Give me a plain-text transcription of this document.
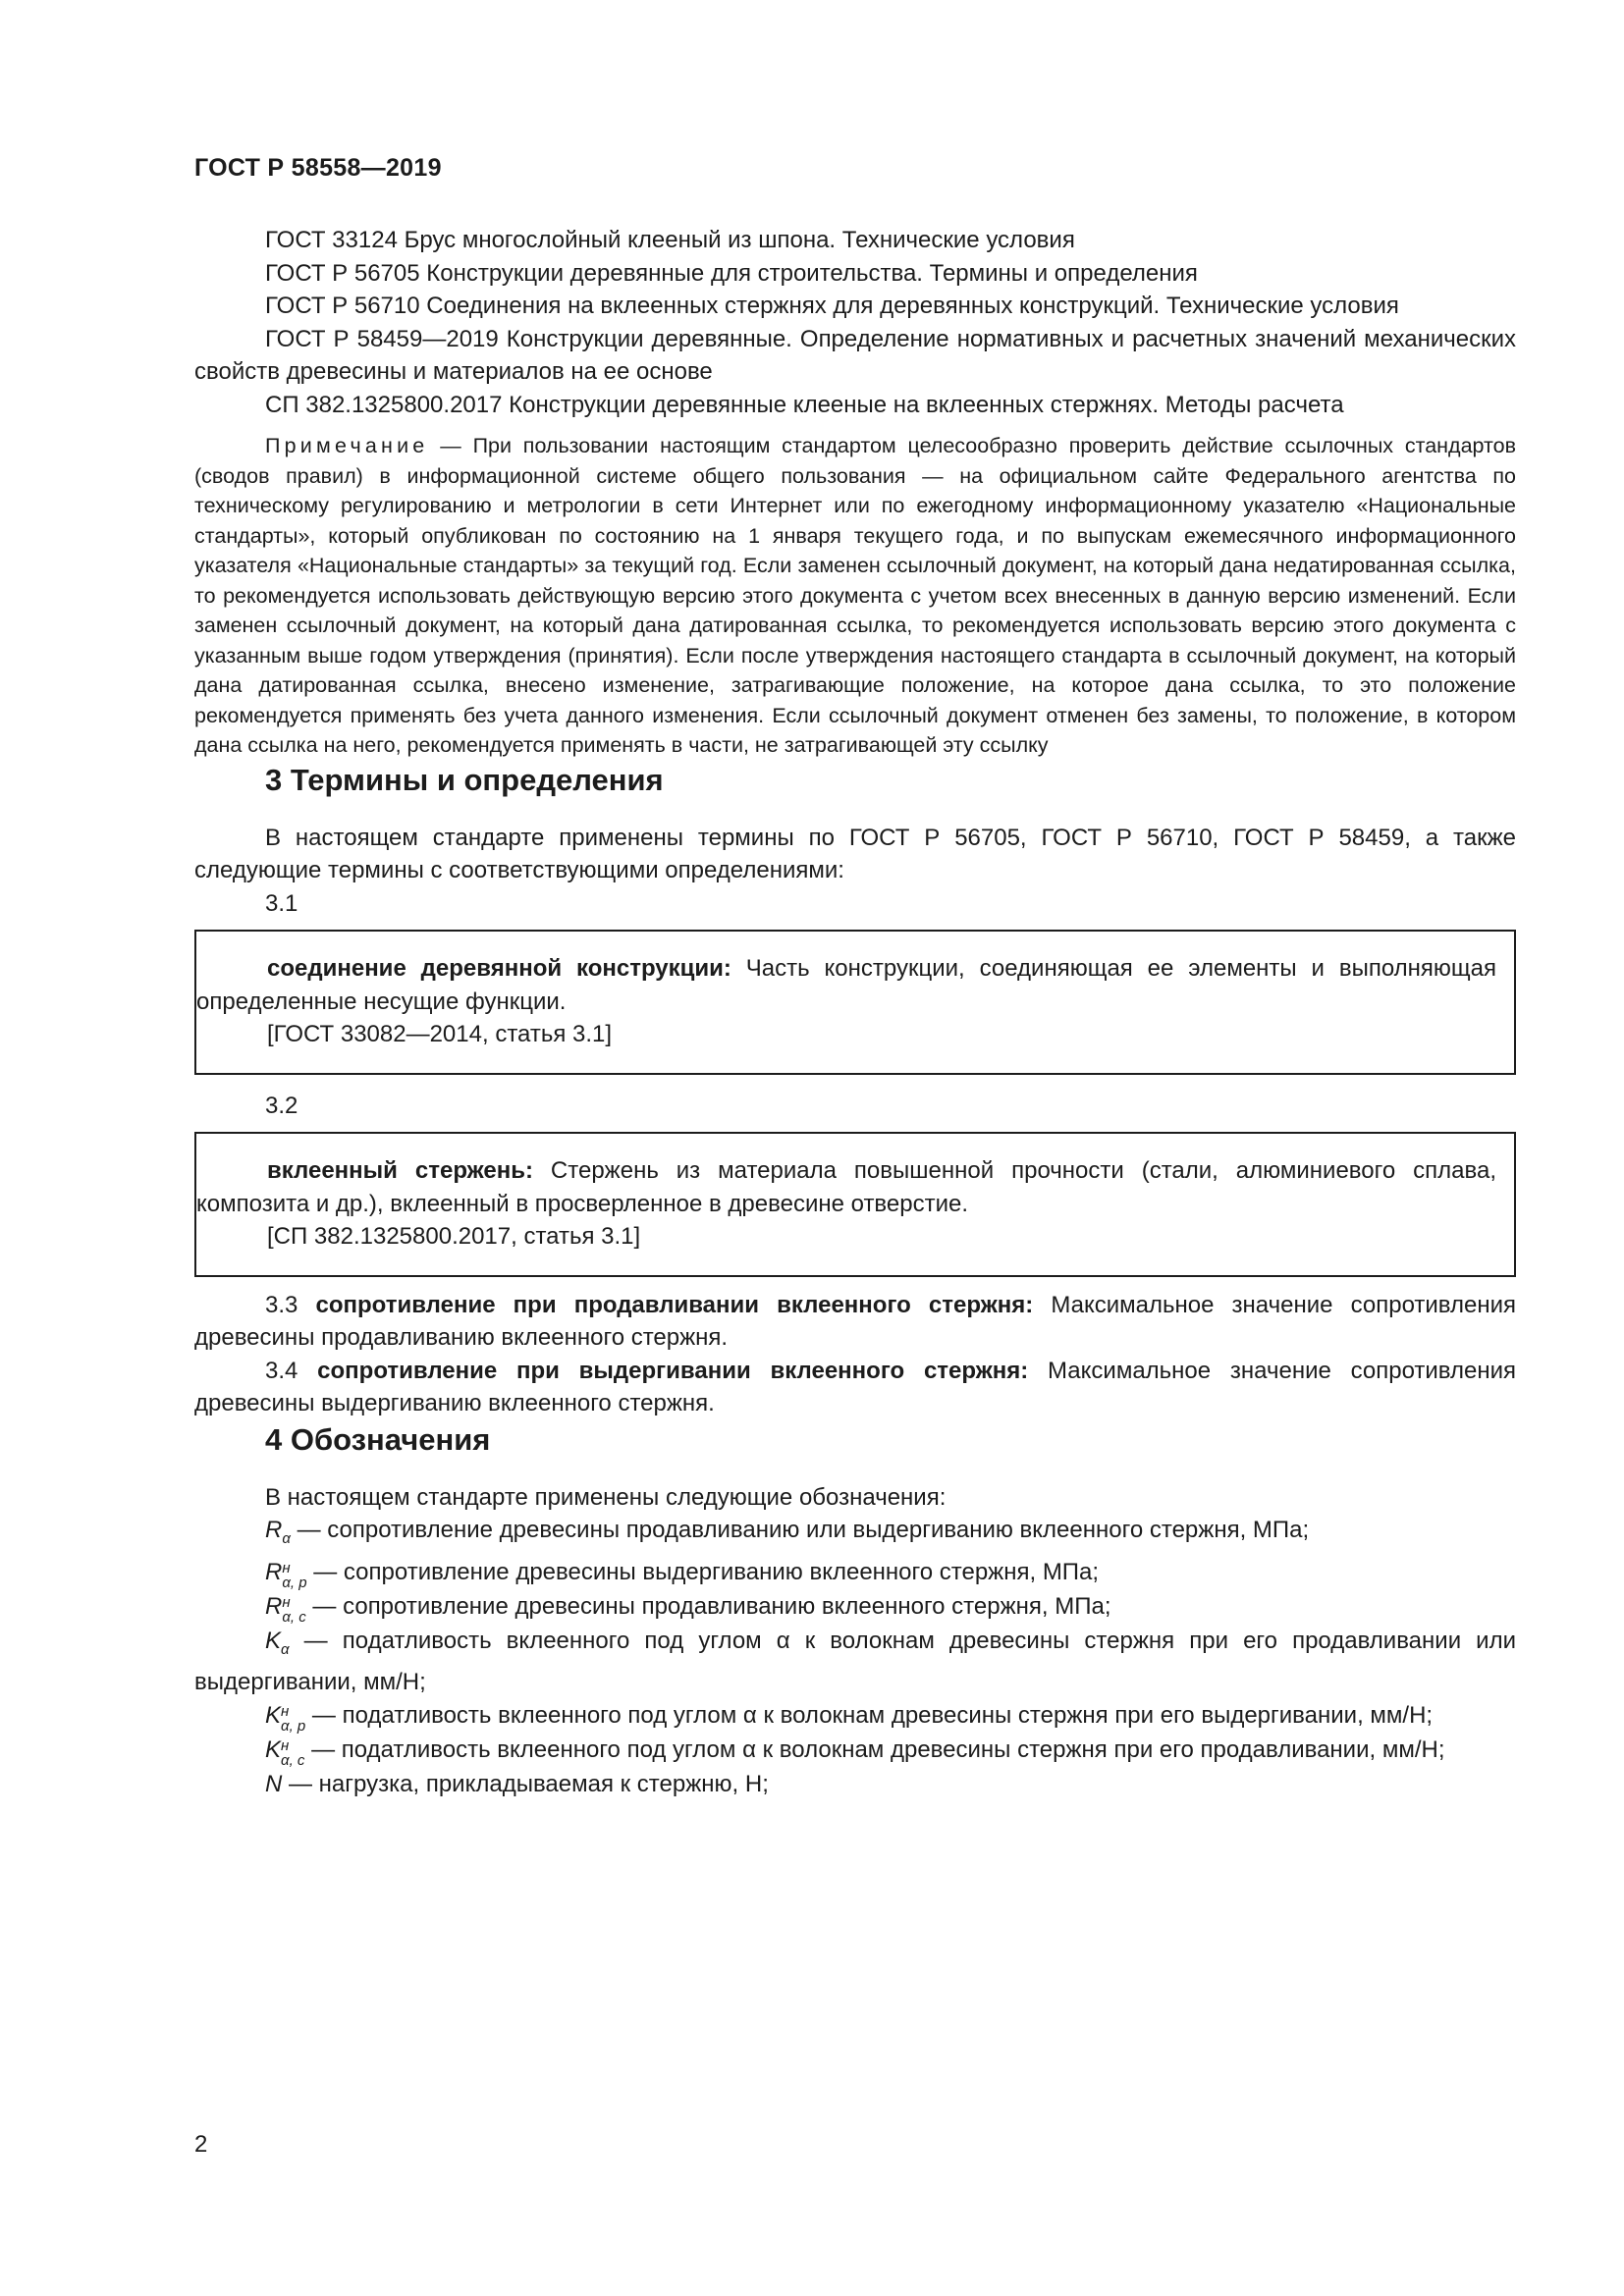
ГОСТ Р 58558—2019

ГОСТ 33124 Брус многослойный клееный из шпона. Технические условия

ГОСТ Р 56705 Конструкции деревянные для строительства. Термины и определения

ГОСТ Р 56710 Соединения на вклеенных стержнях для деревянных конструкций. Технические условия

ГОСТ Р 58459—2019 Конструкции деревянные. Определение нормативных и расчетных значений механических свойств древесины и материалов на ее основе

СП 382.1325800.2017 Конструкции деревянные клееные на вклеенных стержнях. Методы расчета

Примечание — При пользовании настоящим стандартом целесообразно проверить действие ссылочных стандартов (сводов правил) в информационной системе общего пользования — на официальном сайте Федерального агентства по техническому регулированию и метрологии в сети Интернет или по ежегодному информационному указателю «Национальные стандарты», который опубликован по состоянию на 1 января текущего года, и по выпускам ежемесячного информационного указателя «Национальные стандарты» за текущий год. Если заменен ссылочный документ, на который дана недатированная ссылка, то рекомендуется использовать действующую версию этого документа с учетом всех внесенных в данную версию изменений. Если заменен ссылочный документ, на который дана датированная ссылка, то рекомендуется использовать версию этого документа с указанным выше годом утверждения (принятия). Если после утверждения настоящего стандарта в ссылочный документ, на который дана датированная ссылка, внесено изменение, затрагивающие положение, на которое дана ссылка, то это положение рекомендуется применять без учета данного изменения. Если ссылочный документ отменен без замены, то положение, в котором дана ссылка на него, рекомендуется применять в части, не затрагивающей эту ссылку

3 Термины и определения

В настоящем стандарте применены термины по ГОСТ Р 56705, ГОСТ Р 56710, ГОСТ Р 58459, а также следующие термины с соответствующими определениями:

3.1

соединение деревянной конструкции: Часть конструкции, соединяющая ее элементы и выполняющая определенные несущие функции.

[ГОСТ 33082—2014, статья 3.1]

3.2

вклеенный стержень: Стержень из материала повышенной прочности (стали, алюминиевого сплава, композита и др.), вклеенный в просверленное в древесине отверстие.

[СП 382.1325800.2017, статья 3.1]

3.3 сопротивление при продавливании вклеенного стержня: Максимальное значение сопротивления древесины продавливанию вклеенного стержня.

3.4 сопротивление при выдергивании вклеенного стержня: Максимальное значение сопротивления древесины выдергиванию вклеенного стержня.

4 Обозначения

В настоящем стандарте применены следующие обозначения:

$R_\alpha$ — сопротивление древесины продавливанию или выдергиванию вклеенного стержня, МПа;

R н
α, p — сопротивление древесины выдергиванию вклеенного стержня, МПа;

R н
α, c — сопротивление древесины продавливанию вклеенного стержня, МПа;

$K_\alpha$ — податливость вклеенного под углом α к волокнам древесины стержня при его продавливании или выдергивании, мм/Н;

K н
α, p — податливость вклеенного под углом α к волокнам древесины стержня при его выдергивании, мм/Н;

K н
α, c — податливость вклеенного под углом α к волокнам древесины стержня при его продавливании, мм/Н;

N — нагрузка, прикладываемая к стержню, Н;

2
